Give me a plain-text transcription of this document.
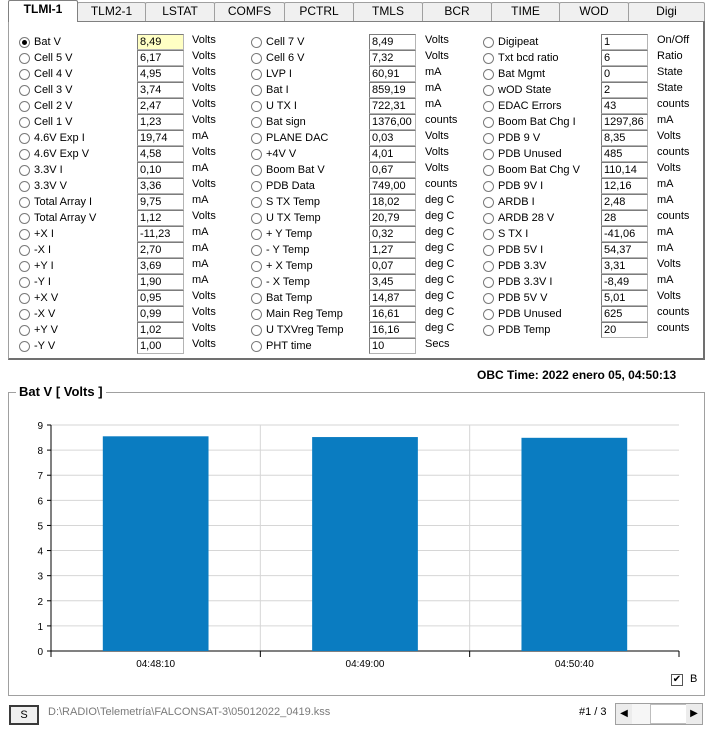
TLMI-1	TLM2-1	LSTAT	COMFS	PCTRL	TMLS	BCR	TIME	WOD	Digi
Bat V	8,49	Volts
Cell 5 V	6,17	Volts
Cell 4 V	4,95	Volts
Cell 3 V	3,74	Volts
Cell 2 V	2,47	Volts
Cell 1 V	1,23	Volts
4.6V Exp I	19,74	mA
4.6V Exp V	4,58	Volts
3.3V I	0,10	mA
3.3V V	3,36	Volts
Total Array I	9,75	mA
Total Array V	1,12	Volts
+X I	-11,23	mA
-X I	2,70	mA
+Y I	3,69	mA
-Y I	1,90	mA
+X V	0,95	Volts
-X V	0,99	Volts
+Y V	1,02	Volts
-Y V	1,00	Volts
Cell 7 V	8,49	Volts
Cell 6 V	7,32	Volts
LVP I	60,91	mA
Bat I	859,19	mA
U TX I	722,31	mA
Bat sign	1376,00	counts
PLANE DAC	0,03	Volts
+4V V	4,01	Volts
Boom Bat V	0,67	Volts
PDB Data	749,00	counts
S TX Temp	18,02	deg C
U TX Temp	20,79	deg C
+ Y Temp	0,32	deg C
- Y Temp	1,27	deg C
+ X Temp	0,07	deg C
- X Temp	3,45	deg C
Bat Temp	14,87	deg C
Main Reg Temp	16,61	deg C
U TXVreg Temp	16,16	deg C
PHT time	10	Secs
Digipeat	1	On/Off
Txt bcd ratio	6	Ratio
Bat Mgmt	0	State
wOD State	2	State
EDAC Errors	43	counts
Boom Bat Chg I	1297,86	mA
PDB 9 V	8,35	Volts
PDB Unused	485	counts
Boom Bat Chg V 110,14	Volts
PDB 9V I	12,16	mA
ARDB I	2,48	mA
ARDB 28 V	28	counts
S TX I	-41,06	mA
PDB 5V I	54,37	mA
PDB 3.3V	3,31	Volts
PDB 3.3V I	-8,49	mA
PDB 5V V	5,01	Volts
PDB Unused	625	counts
PDB Temp	20	counts
OBC Time: 2022 enero 05, 04:50:13
0
1
2
3
4
5
6
7
8
9
04:48:10	04:49:00	04:50:40
Bat V [ Volts ]
✔ B
S	D:\RADIO\Telemetría\FALCONSAT-3\05012022_0419.kss	#1 / 3	◀	▶
